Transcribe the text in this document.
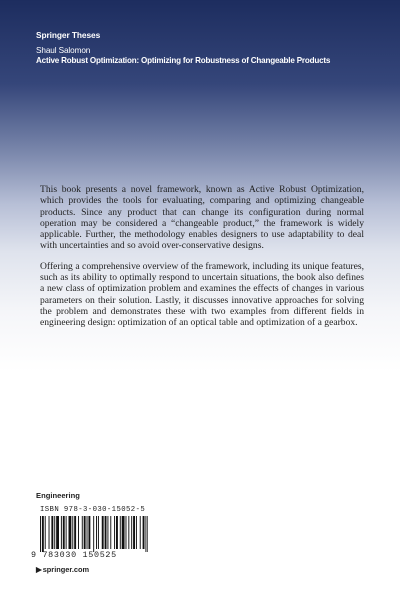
Springer Theses
Shaul Salomon
Active Robust Optimization: Optimizing for Robustness of Changeable Products

This book presents a novel framework, known as Active Robust Optimization, which provides the tools for evaluating, comparing and optimizing changeable products. Since any product that can change its configuration during normal operation may be considered a “changeable product,” the framework is widely applicable. Further, the methodology enables designers to use adaptability to deal with uncertainties and so avoid over-conservative designs.

Offering a comprehensive overview of the framework, including its unique features, such as its ability to optimally respond to uncertain situations, the book also defines a new class of optimization problem and examines the effects of changes in various parameters on their solution. Lastly, it discusses innovative approaches for solving the problem and demonstrates these with two examples from different fields in engineering design: optimization of an optical table and optimization of a gearbox.

Engineering
ISBN 978-3-030-15052-5
9 783030 150525
▶springer.com
